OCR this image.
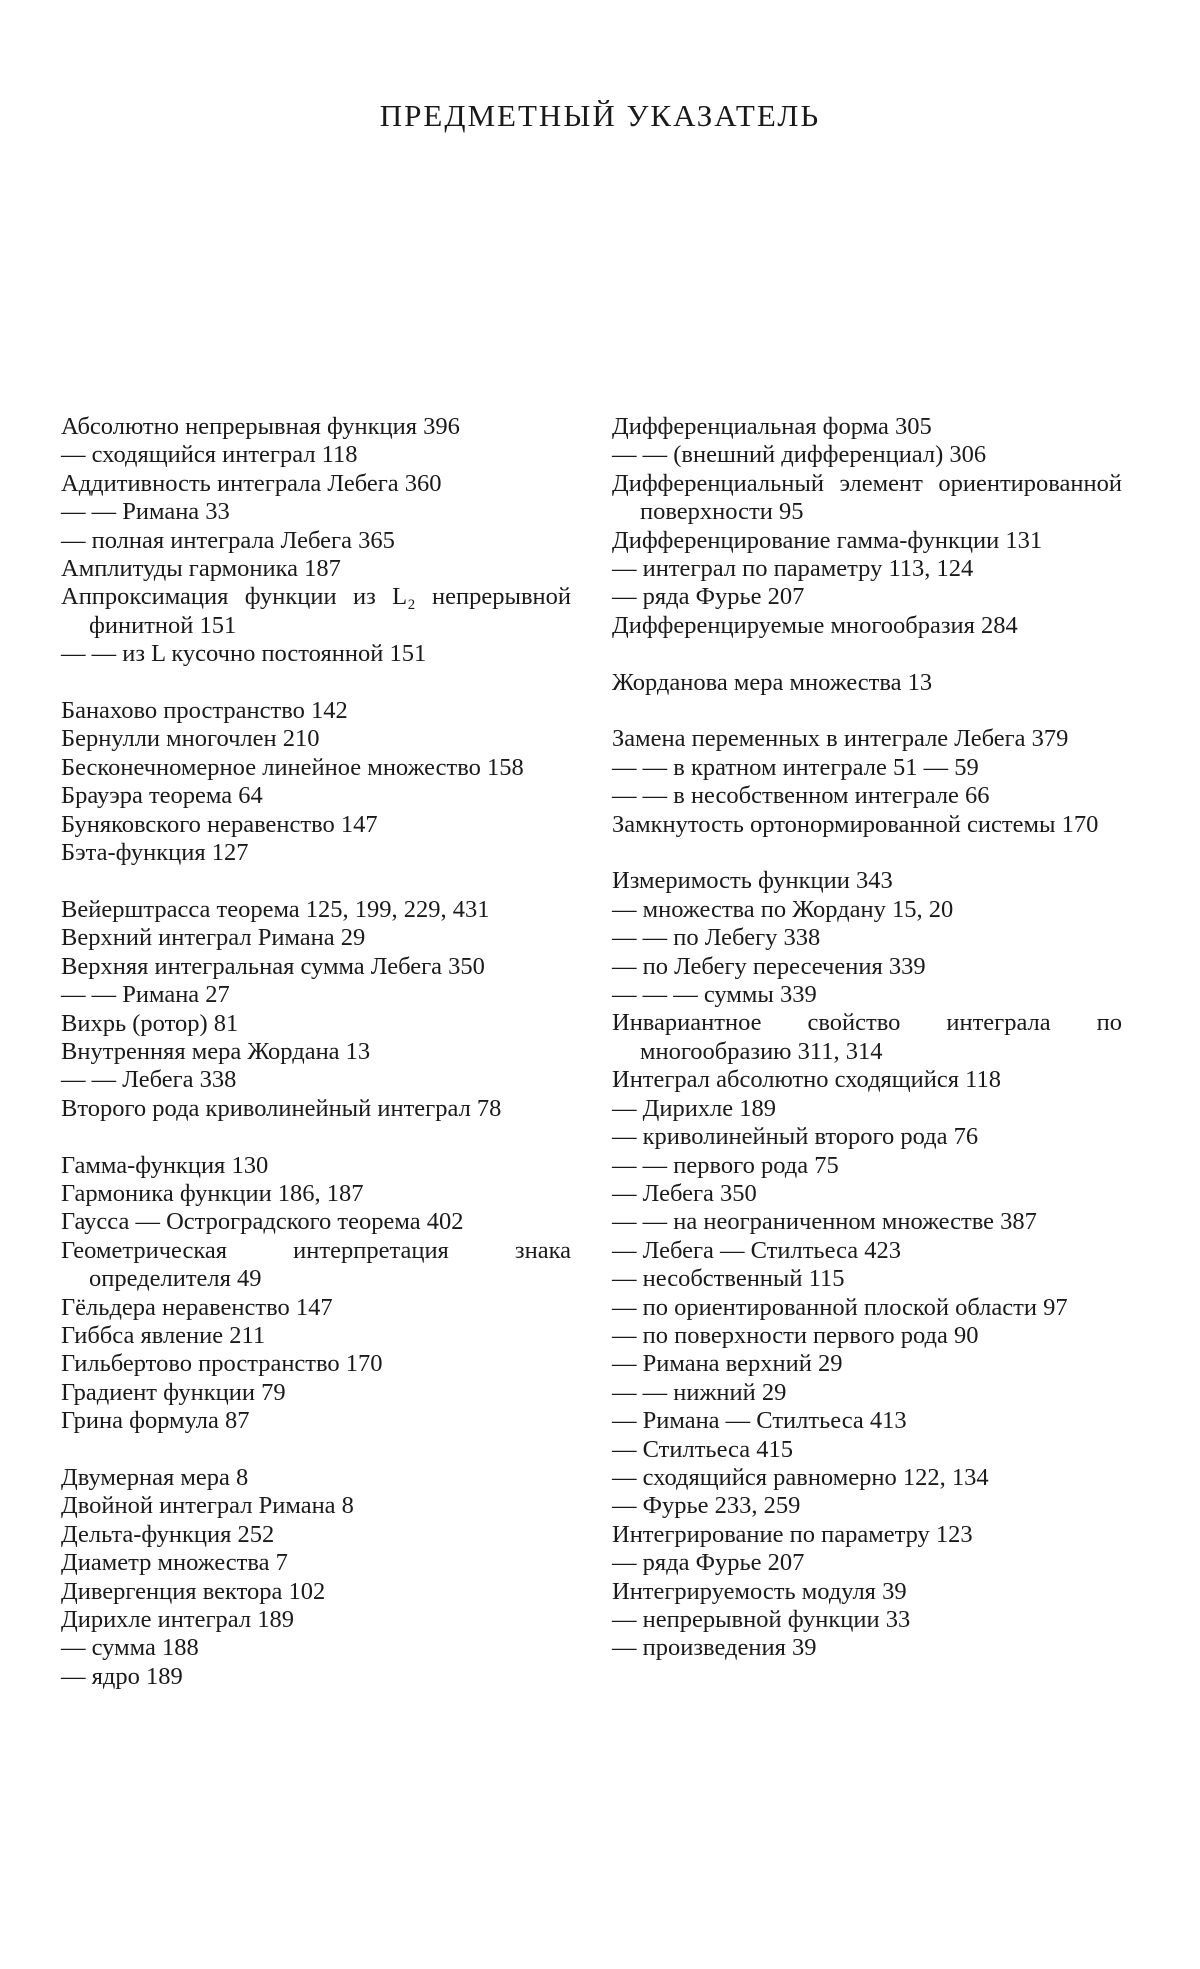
ПРЕДМЕТНЫЙ УКАЗАТЕЛЬ
Абсолютно непрерывная функция 396
— сходящийся интеграл 118
Аддитивность интеграла Лебега 360
— — Римана 33
— полная интеграла Лебега 365
Амплитуды гармоника 187
Аппроксимация функции из L₂ непрерывной финитной 151
— — из L кусочно постоянной 151
Банахово пространство 142
Бернулли многочлен 210
Бесконечномерное линейное множество 158
Брауэра теорема 64
Буняковского неравенство 147
Бэта-функция 127
Вейерштрасса теорема 125, 199, 229, 431
Верхний интеграл Римана 29
Верхняя интегральная сумма Лебега 350
— — Римана 27
Вихрь (ротор) 81
Внутренняя мера Жордана 13
— — Лебега 338
Второго рода криволинейный интеграл 78
Гамма-функция 130
Гармоника функции 186, 187
Гаусса — Остроградского теорема 402
Геометрическая интерпретация знака определителя 49
Гёльдера неравенство 147
Гиббса явление 211
Гильбертово пространство 170
Градиент функции 79
Грина формула 87
Двумерная мера 8
Двойной интеграл Римана 8
Дельта-функция 252
Диаметр множества 7
Дивергенция вектора 102
Дирихле интеграл 189
— сумма 188
— ядро 189
Дифференциальная форма 305
— — (внешний дифференциал) 306
Дифференциальный элемент ориентированной поверхности 95
Дифференцирование гамма-функции 131
— интеграл по параметру 113, 124
— ряда Фурье 207
Дифференцируемые многообразия 284
Жорданова мера множества 13
Замена переменных в интеграле Лебега 379
— — в кратном интеграле 51 — 59
— — в несобственном интеграле 66
Замкнутость ортонормированной системы 170
Измеримость функции 343
— множества по Жордану 15, 20
— — по Лебегу 338
— по Лебегу пересечения 339
— — — суммы 339
Инвариантное свойство интеграла по многообразию 311, 314
Интеграл абсолютно сходящийся 118
— Дирихле 189
— криволинейный второго рода 76
— — первого рода 75
— Лебега 350
— — на неограниченном множестве 387
— Лебега — Стилтьеса 423
— несобственный 115
— по ориентированной плоской области 97
— по поверхности первого рода 90
— Римана верхний 29
— — нижний 29
— Римана — Стилтьеса 413
— Стилтьеса 415
— сходящийся равномерно 122, 134
— Фурье 233, 259
Интегрирование по параметру 123
— ряда Фурье 207
Интегрируемость модуля 39
— непрерывной функции 33
— произведения 39
